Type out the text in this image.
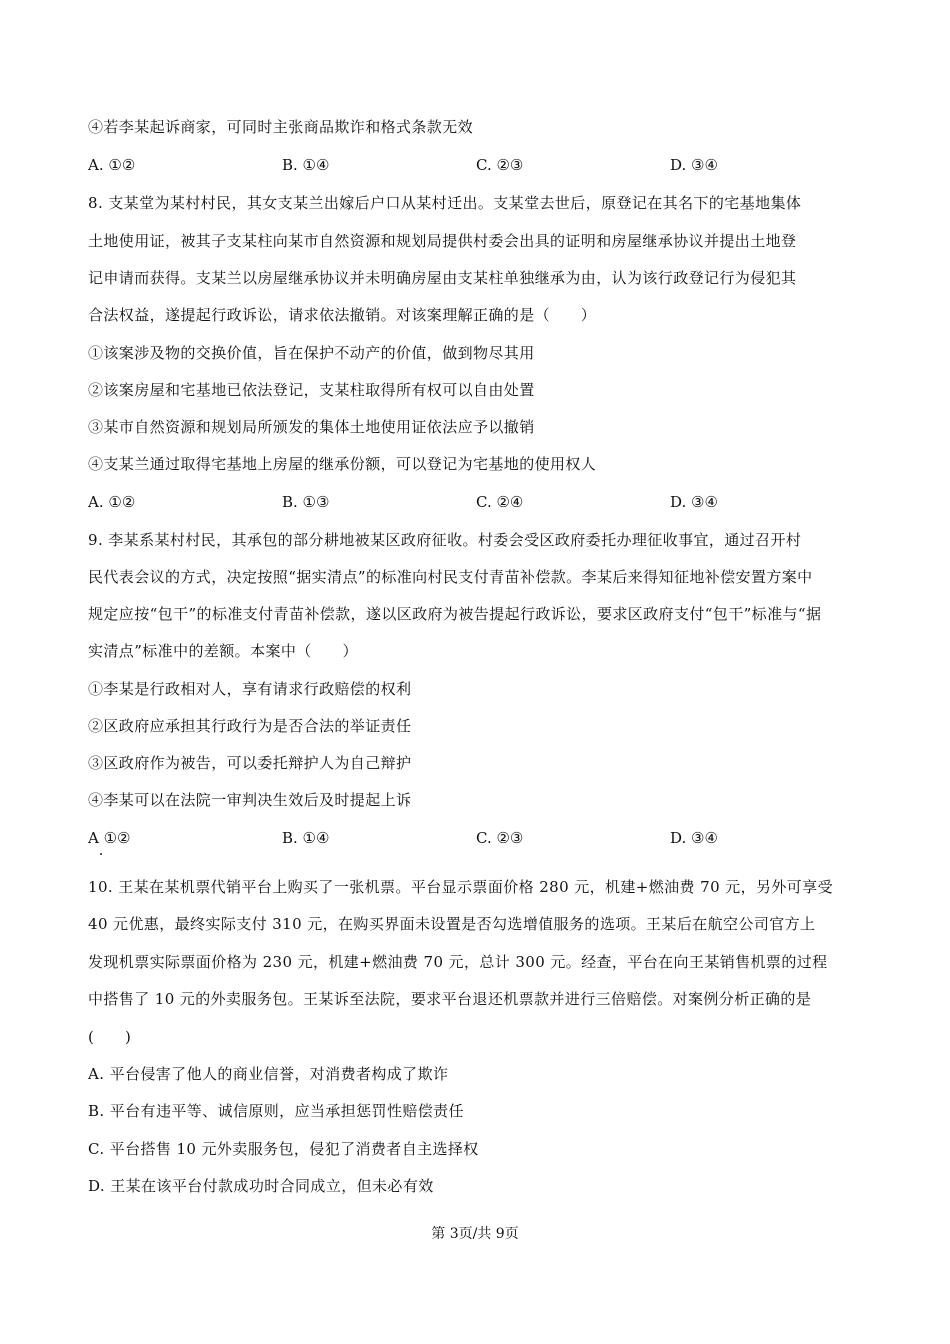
④若李某起诉商家，可同时主张商品欺诈和格式条款无效
A. ①②	B. ①④	C. ②③	D. ③④
8. 支某堂为某村村民，其女支某兰出嫁后户口从某村迁出。支某堂去世后，原登记在其名下的宅基地集体
土地使用证，被其子支某柱向某市自然资源和规划局提供村委会出具的证明和房屋继承协议并提出土地登
记申请而获得。支某兰以房屋继承协议并未明确房屋由支某柱单独继承为由，认为该行政登记行为侵犯其
合法权益，遂提起行政诉讼，请求依法撤销。对该案理解正确的是（　　）
①该案涉及物的交换价值，旨在保护不动产的价值，做到物尽其用
②该案房屋和宅基地已依法登记，支某柱取得所有权可以自由处置
③某市自然资源和规划局所颁发的集体土地使用证依法应予以撤销
④支某兰通过取得宅基地上房屋的继承份额，可以登记为宅基地的使用权人
A. ①②	B. ①③	C. ②④	D. ③④
9. 李某系某村村民，其承包的部分耕地被某区政府征收。村委会受区政府委托办理征收事宜，通过召开村
民代表会议的方式，决定按照“据实清点”的标准向村民支付青苗补偿款。李某后来得知征地补偿安置方案中
规定应按“包干”的标准支付青苗补偿款，遂以区政府为被告提起行政诉讼，要求区政府支付“包干”标准与“据
实清点”标准中的差额。本案中（　　）
①李某是行政相对人，享有请求行政赔偿的权利
②区政府应承担其行政行为是否合法的举证责任
③区政府作为被告，可以委托辩护人为自己辩护
④李某可以在法院一审判决生效后及时提起上诉
A ①②	B. ①④	C. ②③	D. ③④
10. 王某在某机票代销平台上购买了一张机票。平台显示票面价格 280 元，机建+燃油费 70 元，另外可享受
40 元优惠，最终实际支付 310 元，在购买界面未设置是否勾选增值服务的选项。王某后在航空公司官方上
发现机票实际票面价格为 230 元，机建+燃油费 70 元，总计 300 元。经查，平台在向王某销售机票的过程
中搭售了 10 元的外卖服务包。王某诉至法院，要求平台退还机票款并进行三倍赔偿。对案例分析正确的是
(　　)
A. 平台侵害了他人的商业信誉，对消费者构成了欺诈
B. 平台有违平等、诚信原则，应当承担惩罚性赔偿责任
C. 平台搭售 10 元外卖服务包，侵犯了消费者自主选择权
D. 王某在该平台付款成功时合同成立，但未必有效
第 3页/共 9页
